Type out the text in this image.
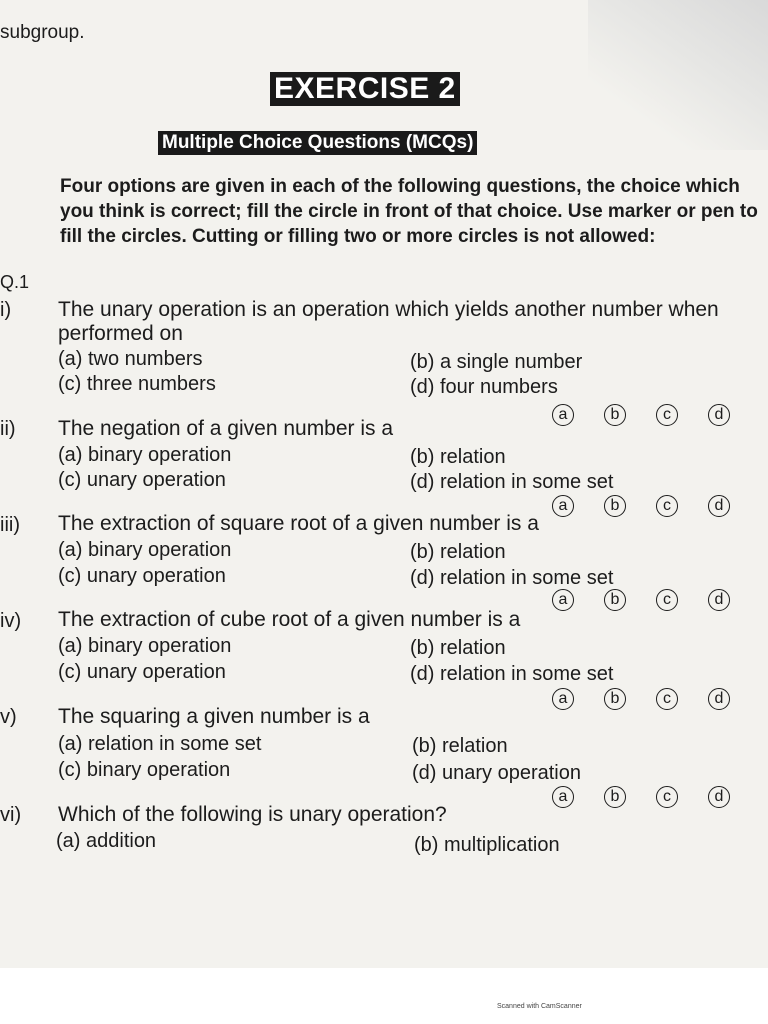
subgroup.
EXERCISE 2
Multiple Choice Questions (MCQs)
Four options are given in each of the following questions, the choice which you think is correct; fill the circle in front of that choice. Use marker or pen to fill the circles. Cutting or filling two or more circles is not allowed:
Q.1
i) The unary operation is an operation which yields another number when performed on
(a) two numbers	(b) a single number
(c) three numbers	(d) four numbers
a	b	c	d
ii) The negation of a given number is a
(a) binary operation	(b) relation
(c) unary operation	(d) relation in some set
a	b	c	d
iii) The extraction of square root of a given number is a
(a) binary operation	(b) relation
(c) unary operation	(d) relation in some set
a	b	c	d
iv) The extraction of cube root of a given number is a
(a) binary operation	(b) relation
(c) unary operation	(d) relation in some set
a	b	c	d
v) The squaring a given number is a
(a) relation in some set	(b) relation
(c) binary operation	(d) unary operation
a	b	c	d
vi) Which of the following is unary operation?
(a) addition	(b) multiplication
Scanned with CamScanner
